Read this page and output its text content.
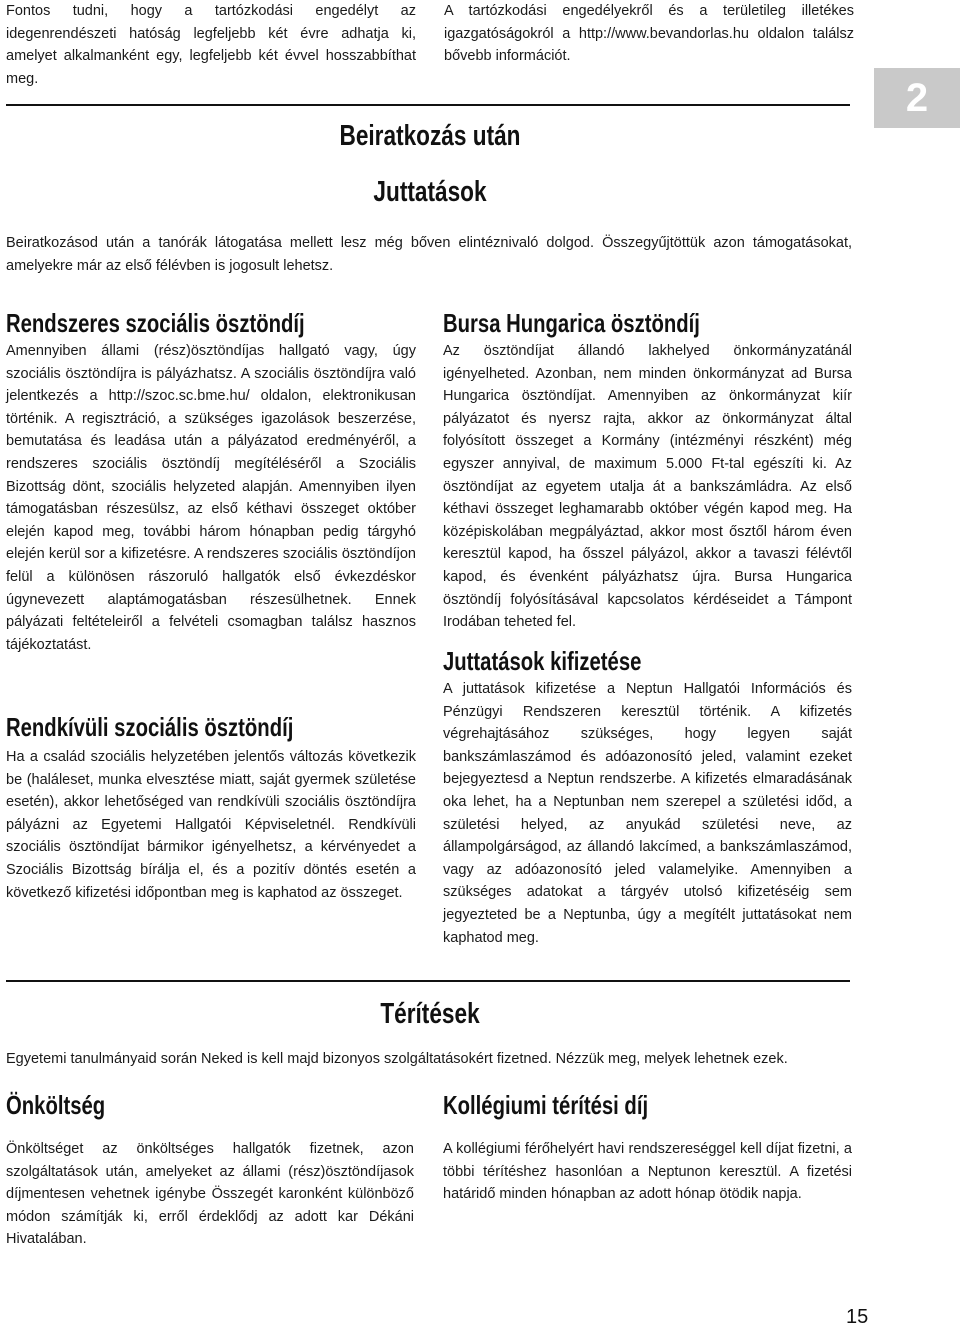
2

Fontos tudni, hogy a tartózkodási engedélyt az idegenrendészeti hatóság legfeljebb két évre adhatja ki, amelyet alkalmanként egy, legfeljebb két évvel hosszabbíthat meg.

A tartózkodási engedélyekről és a területileg illetékes igazgatóságokról a http://www.bevandorlas.hu oldalon találsz bővebb információt.

Beiratkozás után

Juttatások

Beiratkozásod után a tanórák látogatása mellett lesz még bőven elintéznivaló dolgod. Összegyűjtöttük azon támogatásokat, amelyekre már az első félévben is jogosult lehetsz.

Rendszeres szociális ösztöndíj

Amennyiben állami (rész)ösztöndíjas hallgató vagy, úgy szociális ösztöndíjra is pályázhatsz. A szociális ösztöndíjra való jelentkezés a http://szoc.sc.bme.hu/ oldalon, elektronikusan történik. A regisztráció, a szükséges igazolások beszerzése, bemutatása és leadása után a pályázatod eredményéről, a rendszeres szociális ösztöndíj megítéléséről a Szociális Bizottság dönt, szociális helyzeted alapján. Amennyiben ilyen támogatásban részesülsz, az első kéthavi összeget október elején kapod meg, további három hónapban pedig tárgyhó elején kerül sor a kifizetésre. A rendszeres szociális ösztöndíjon felül a különösen rászoruló hallgatók első évkezdéskor úgynevezett alaptámogatásban részesülhetnek. Ennek pályázati feltételeiről a felvételi csomagban találsz hasznos tájékoztatást.

Rendkívüli szociális ösztöndíj

Ha a család szociális helyzetében jelentős változás következik be (haláleset, munka elvesztése miatt, saját gyermek születése esetén), akkor lehetőséged van rendkívüli szociális ösztöndíjra pályázni az Egyetemi Hallgatói Képviseletnél. Rendkívüli szociális ösztöndíjat bármikor igényelhetsz, a kérvényedet a Szociális Bizottság bírálja el, és a pozitív döntés esetén a következő kifizetési időpontban meg is kaphatod az összeget.

Bursa Hungarica ösztöndíj

Az ösztöndíjat állandó lakhelyed önkormányzatánál igényelheted. Azonban, nem minden önkormányzat ad Bursa Hungarica ösztöndíjat. Amennyiben az önkormányzat kiír pályázatot és nyersz rajta, akkor az önkormányzat által folyósított összeget a Kormány (intézményi részként) még egyszer annyival, de maximum 5.000 Ft-tal egészíti ki. Az ösztöndíjat az egyetem utalja át a bankszámládra. Az első kéthavi összeget leghamarabb október végén kapod meg. Ha középiskolában megpályáztad, akkor most ősztől három éven keresztül kapod, ha ősszel pályázol, akkor a tavaszi félévtől kapod, és évenként pályázhatsz újra. Bursa Hungarica ösztöndíj folyósításával kapcsolatos kérdéseidet a Támpont Irodában teheted fel.

Juttatások kifizetése

A juttatások kifizetése a Neptun Hallgatói Információs és Pénzügyi Rendszeren keresztül történik. A kifizetés végrehajtásához szükséges, hogy legyen saját bankszámlaszámod és adóazonosító jeled, valamint ezeket bejegyeztesd a Neptun rendszerbe. A kifizetés elmaradásának oka lehet, ha a Neptunban nem szerepel a születési időd, a születési helyed, az anyukád születési neve, az állampolgárságod, az állandó lakcímed, a bankszámlaszámod, vagy az adóazonosító jeled valamelyike. Amennyiben a szükséges adatokat a tárgyév utolsó kifizetéséig sem jegyezteted be a Neptunba, úgy a megítélt juttatásokat nem kaphatod meg.

Térítések

Egyetemi tanulmányaid során Neked is kell majd bizonyos szolgáltatásokért fizetned. Nézzük meg, melyek lehetnek ezek.

Önköltség

Önköltséget az önköltséges hallgatók fizetnek, azon szolgáltatások után, amelyeket az állami (rész)ösztöndíjasok díjmentesen vehetnek igénybe Összegét karonként különböző módon számítják ki, erről érdeklődj az adott kar Dékáni Hivatalában.

Kollégiumi térítési díj

A kollégiumi férőhelyért havi rendszereséggel kell díjat fizetni, a többi térítéshez hasonlóan a Neptunon keresztül. A fizetési határidő minden hónapban az adott hónap ötödik napja.

15
